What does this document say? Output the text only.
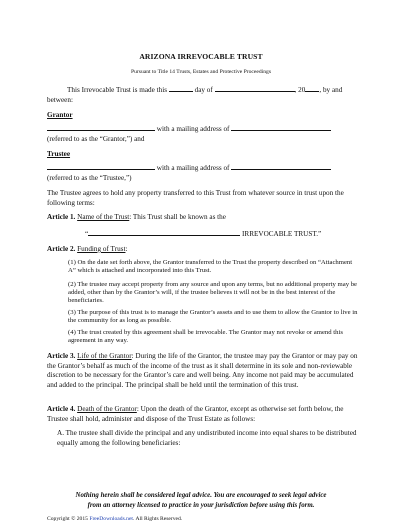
ARIZONA IRREVOCABLE TRUST
Pursuant to Title 14 Trusts, Estates and Protective Proceedings
This Irrevocable Trust is made this	day of	, 20 , by and between:
Grantor
with a mailing address of
(referred to as the “Grantor,”) and
Trustee
with a mailing address of
(referred to as the “Trustee,”)
The Trustee agrees to hold any property transferred to this Trust from whatever source in trust upon the following terms:
Article 1. Name of the Trust: This Trust shall be known as the
“	IRREVOCABLE TRUST.”
Article 2. Funding of Trust:
(1) On the date set forth above, the Grantor transferred to the Trust the property described on “Attachment A” which is attached and incorporated into this Trust.
(2) The trustee may accept property from any source and upon any terms, but no additional property may be added, other than by the Grantor’s will, if the trustee believes it will not be in the best interest of the beneficiaries.
(3) The purpose of this trust is to manage the Grantor’s assets and to use them to allow the Grantor to live in the community for as long as possible.
(4) The trust created by this agreement shall be irrevocable. The Grantor may not revoke or amend this agreement in any way.
Article 3. Life of the Grantor: During the life of the Grantor, the trustee may pay the Grantor or may pay on the Grantor’s behalf as much of the income of the trust as it shall determine in its sole and non-reviewable discretion to be necessary for the Grantor’s care and well being. Any income not paid may be accumulated and added to the principal. The principal shall be held until the termination of this trust.
Article 4. Death of the Grantor: Upon the death of the Grantor, except as otherwise set forth below, the Trustee shall hold, administer and dispose of the Trust Estate as follows:
A. The trustee shall divide the principal and any undistributed income into equal shares to be distributed equally among the following beneficiaries:
Nothing herein shall be considered legal advice. You are encouraged to seek legal advice
from an attorney licensed to practice in your jurisdiction before using this form.
Copyright © 2015 FreeDownloads.net. All Rights Reserved.
